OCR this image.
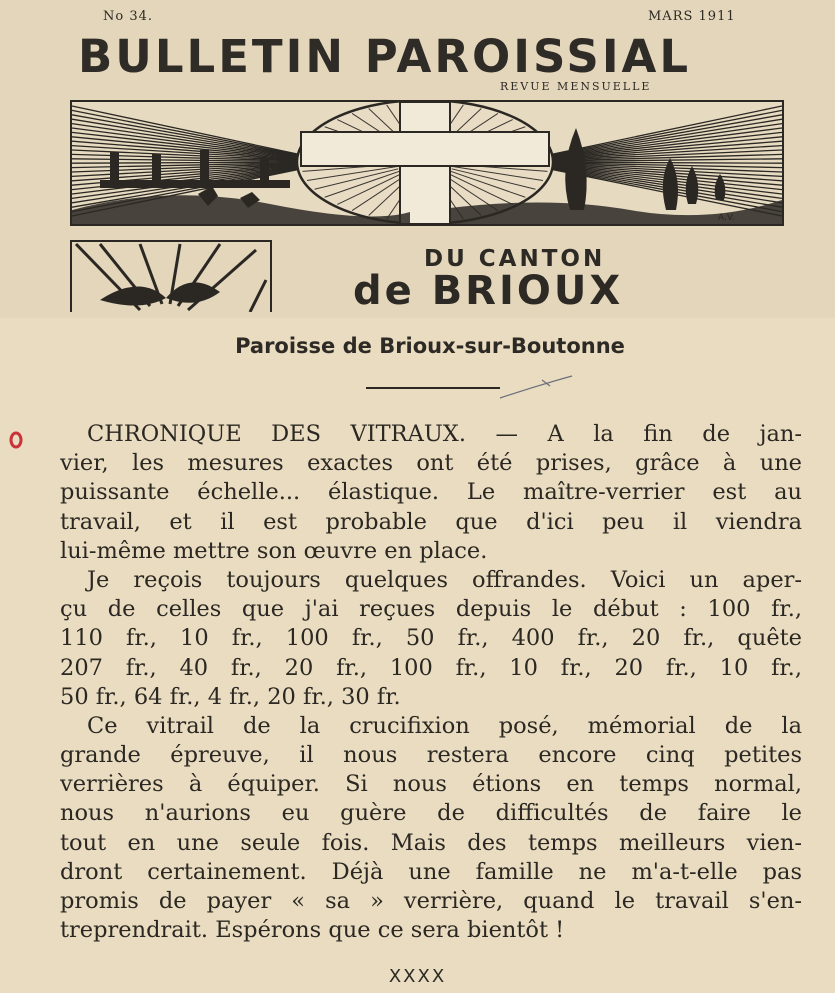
No 34.	MARS 1911
BULLETIN PAROISSIAL
REVUE MENSUELLE
A.V.
DU CANTON
de BRIOUX
Paroisse de Brioux-sur-Boutonne
CHRONIQUE DES VITRAUX. — A la fin de jan-
vier, les mesures exactes ont été prises, grâce à une
puissante échelle... élastique. Le maître-verrier est au
travail, et il est probable que d'ici peu il viendra
lui-même mettre son œuvre en place.
Je reçois toujours quelques offrandes. Voici un aper-
çu de celles que j'ai reçues depuis le début : 100 fr.,
110 fr., 10 fr., 100 fr., 50 fr., 400 fr., 20 fr., quête
207 fr., 40 fr., 20 fr., 100 fr., 10 fr., 20 fr., 10 fr.,
50 fr., 64 fr., 4 fr., 20 fr., 30 fr.
Ce vitrail de la crucifixion posé, mémorial de la
grande épreuve, il nous restera encore cinq petites
verrières à équiper. Si nous étions en temps normal,
nous n'aurions eu guère de difficultés de faire le
tout en une seule fois. Mais des temps meilleurs vien-
dront certainement. Déjà une famille ne m'a-t-elle pas
promis de payer « sa » verrière, quand le travail s'en-
treprendrait. Espérons que ce sera bientôt !
XXXX
